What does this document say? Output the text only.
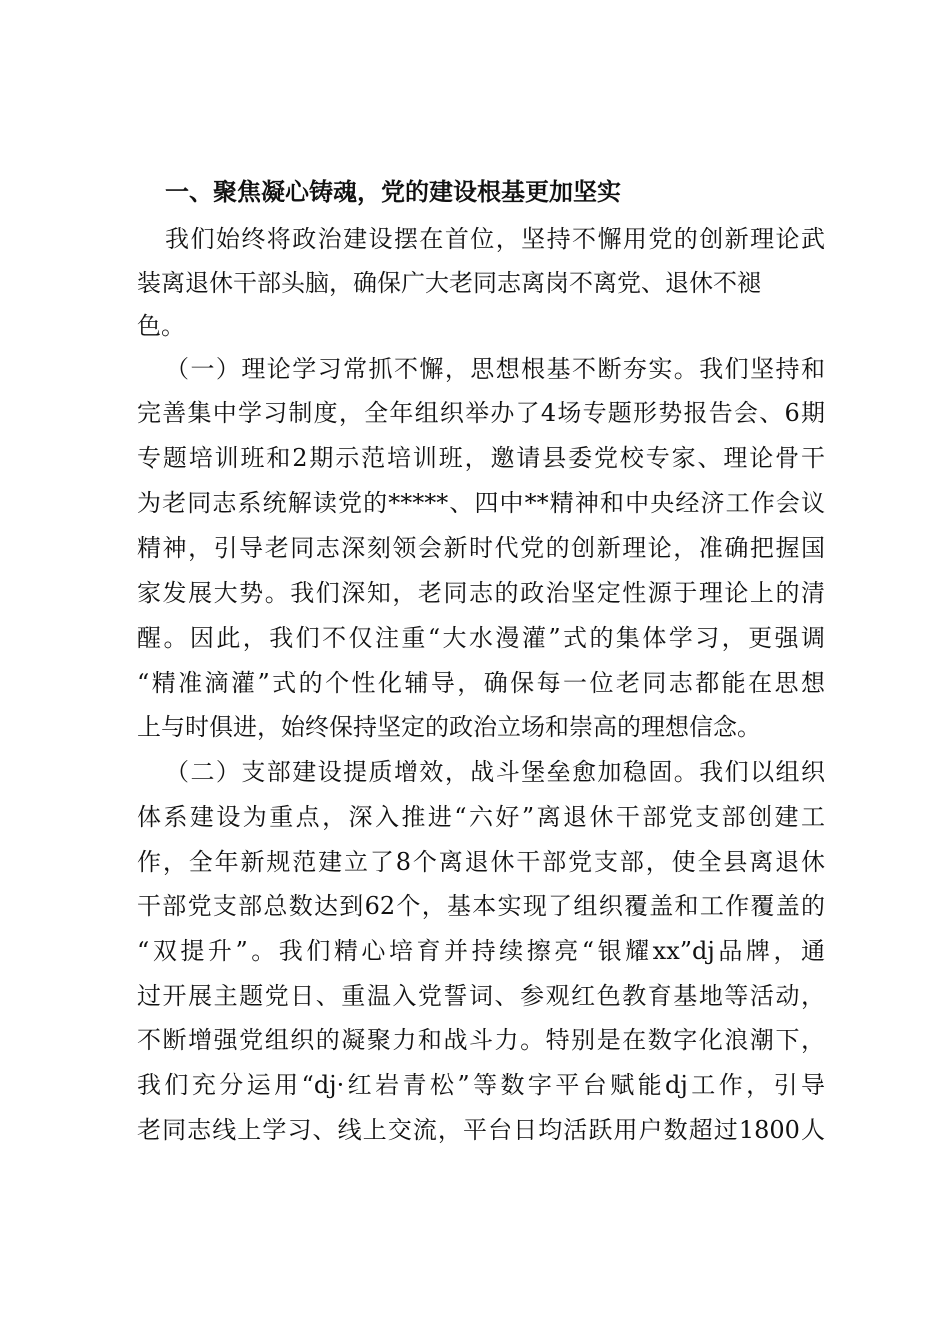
一、聚焦凝心铸魂，党的建设根基更加坚实
我们始终将政治建设摆在首位，坚持不懈用党的创新理论武
装离退休干部头脑，确保广大老同志离岗不离党、退休不褪
色。
（一）理论学习常抓不懈，思想根基不断夯实。我们坚持和
完善集中学习制度，全年组织举办了4场专题形势报告会、6期
专题培训班和2期示范培训班，邀请县委党校专家、理论骨干
为老同志系统解读党的*****、四中**精神和中央经济工作会议
精神，引导老同志深刻领会新时代党的创新理论，准确把握国
家发展大势。我们深知，老同志的政治坚定性源于理论上的清
醒。因此，我们不仅注重“大水漫灌”式的集体学习，更强调
“精准滴灌”式的个性化辅导，确保每一位老同志都能在思想
上与时俱进，始终保持坚定的政治立场和崇高的理想信念。
（二）支部建设提质增效，战斗堡垒愈加稳固。我们以组织
体系建设为重点，深入推进“六好”离退休干部党支部创建工
作，全年新规范建立了8个离退休干部党支部，使全县离退休
干部党支部总数达到62个，基本实现了组织覆盖和工作覆盖的
“双提升”。我们精心培育并持续擦亮“银耀xx”dj品牌，通
过开展主题党日、重温入党誓词、参观红色教育基地等活动，
不断增强党组织的凝聚力和战斗力。特别是在数字化浪潮下，
我们充分运用“dj·红岩青松”等数字平台赋能dj工作，引导
老同志线上学习、线上交流，平台日均活跃用户数超过1800人
